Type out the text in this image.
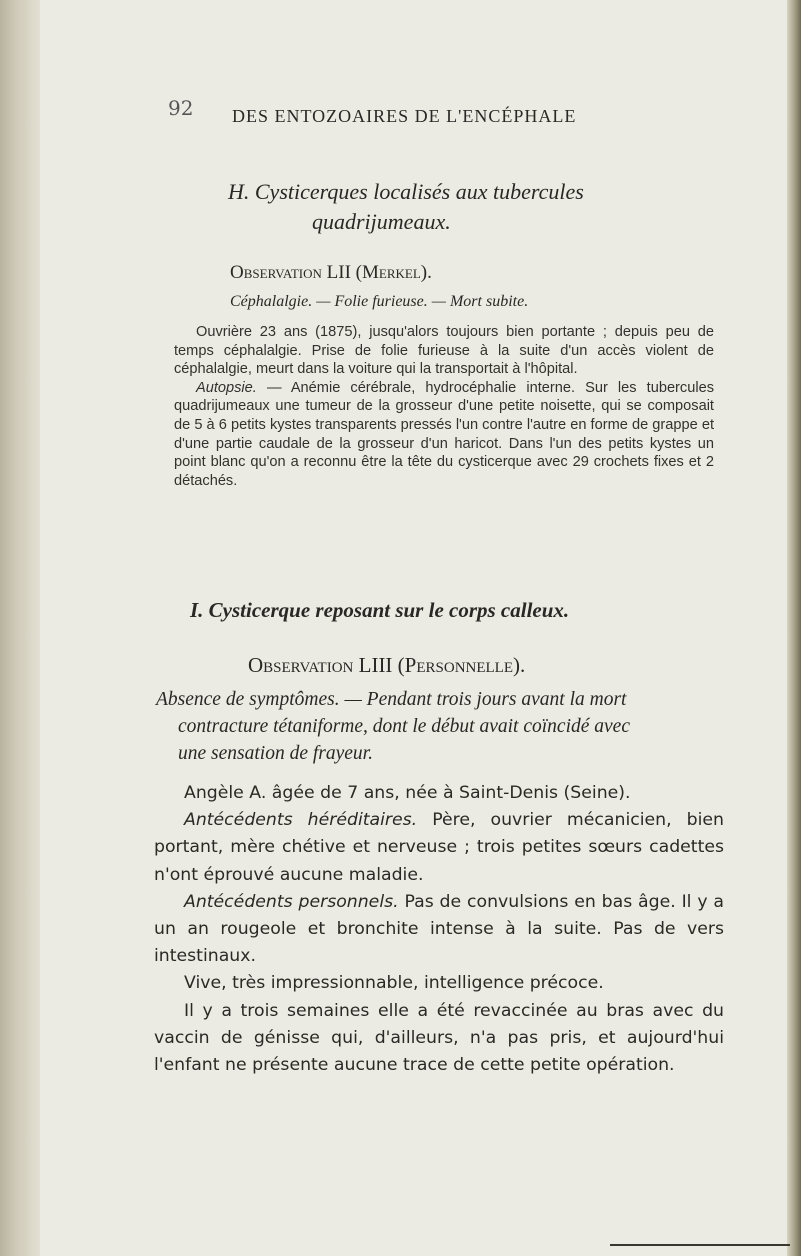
92 DES ENTOZOAIRES DE L'ENCÉPHALE
H. Cysticerques localisés aux tubercules
quadrijumeaux.
Observation LII (Merkel).
Céphalalgie. — Folie furieuse. — Mort subite.

Ouvrière 23 ans (1875), jusqu'alors toujours bien portante ; depuis peu de temps céphalalgie. Prise de folie furieuse à la suite d'un accès violent de céphalalgie, meurt dans la voiture qui la transportait à l'hôpital.

Autopsie. — Anémie cérébrale, hydrocéphalie interne. Sur les tubercules quadrijumeaux une tumeur de la grosseur d'une petite noisette, qui se composait de 5 à 6 petits kystes transparents pressés l'un contre l'autre en forme de grappe et d'une partie caudale de la grosseur d'un haricot. Dans l'un des petits kystes un point blanc qu'on a reconnu être la tête du cysticerque avec 29 crochets fixes et 2 détachés.

I. Cysticerque reposant sur le corps calleux.
Observation LIII (Personnelle).
Absence de symptômes. — Pendant trois jours avant la mort
contracture tétaniforme, dont le début avait coïncidé avec
une sensation de frayeur.

Angèle A. âgée de 7 ans, née à Saint-Denis (Seine).

Antécédents héréditaires. Père, ouvrier mécanicien, bien portant, mère chétive et nerveuse ; trois petites sœurs cadettes n'ont éprouvé aucune maladie.

Antécédents personnels. Pas de convulsions en bas âge. Il y a un an rougeole et bronchite intense à la suite. Pas de vers intestinaux.

Vive, très impressionnable, intelligence précoce.

Il y a trois semaines elle a été revaccinée au bras avec du vaccin de génisse qui, d'ailleurs, n'a pas pris, et aujourd'hui l'enfant ne présente aucune trace de cette petite opération.
